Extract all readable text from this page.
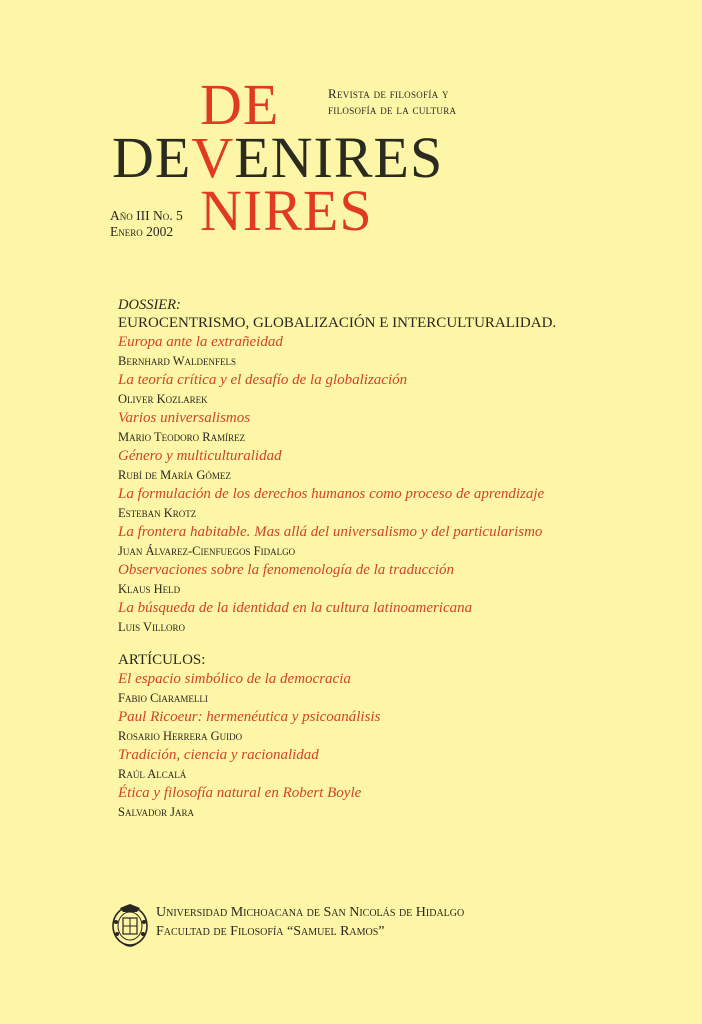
Revista de filosofía y
filosofía de la cultura
DE
DEVENIRES
NIRES
Año III No. 5
Enero 2002
DOSSIER:
EUROCENTRISMO, GLOBALIZACIÓN E INTERCULTURALIDAD.
Europa ante la extrañeidad
Bernhard Waldenfels
La teoría crítica y el desafío de la globalización
Oliver Kozlarek
Varios universalismos
Mario Teodoro Ramírez
Género y multiculturalidad
Rubí de María Gómez
La formulación de los derechos humanos como proceso de aprendizaje
Esteban Krotz
La frontera habitable. Mas allá del universalismo y del particularismo
Juan Álvarez-Cienfuegos Fidalgo
Observaciones sobre la fenomenología de la traducción
Klaus Held
La búsqueda de la identidad en la cultura latinoamericana
Luis Villoro
ARTÍCULOS:
El espacio simbólico de la democracia
Fabio Ciaramelli
Paul Ricoeur: hermenéutica y psicoanálisis
Rosario Herrera Guido
Tradición, ciencia y racionalidad
Raúl Alcalá
Ética y filosofía natural en Robert Boyle
Salvador Jara
Universidad Michoacana de San Nicolás de Hidalgo
Facultad de Filosofía “Samuel Ramos”
